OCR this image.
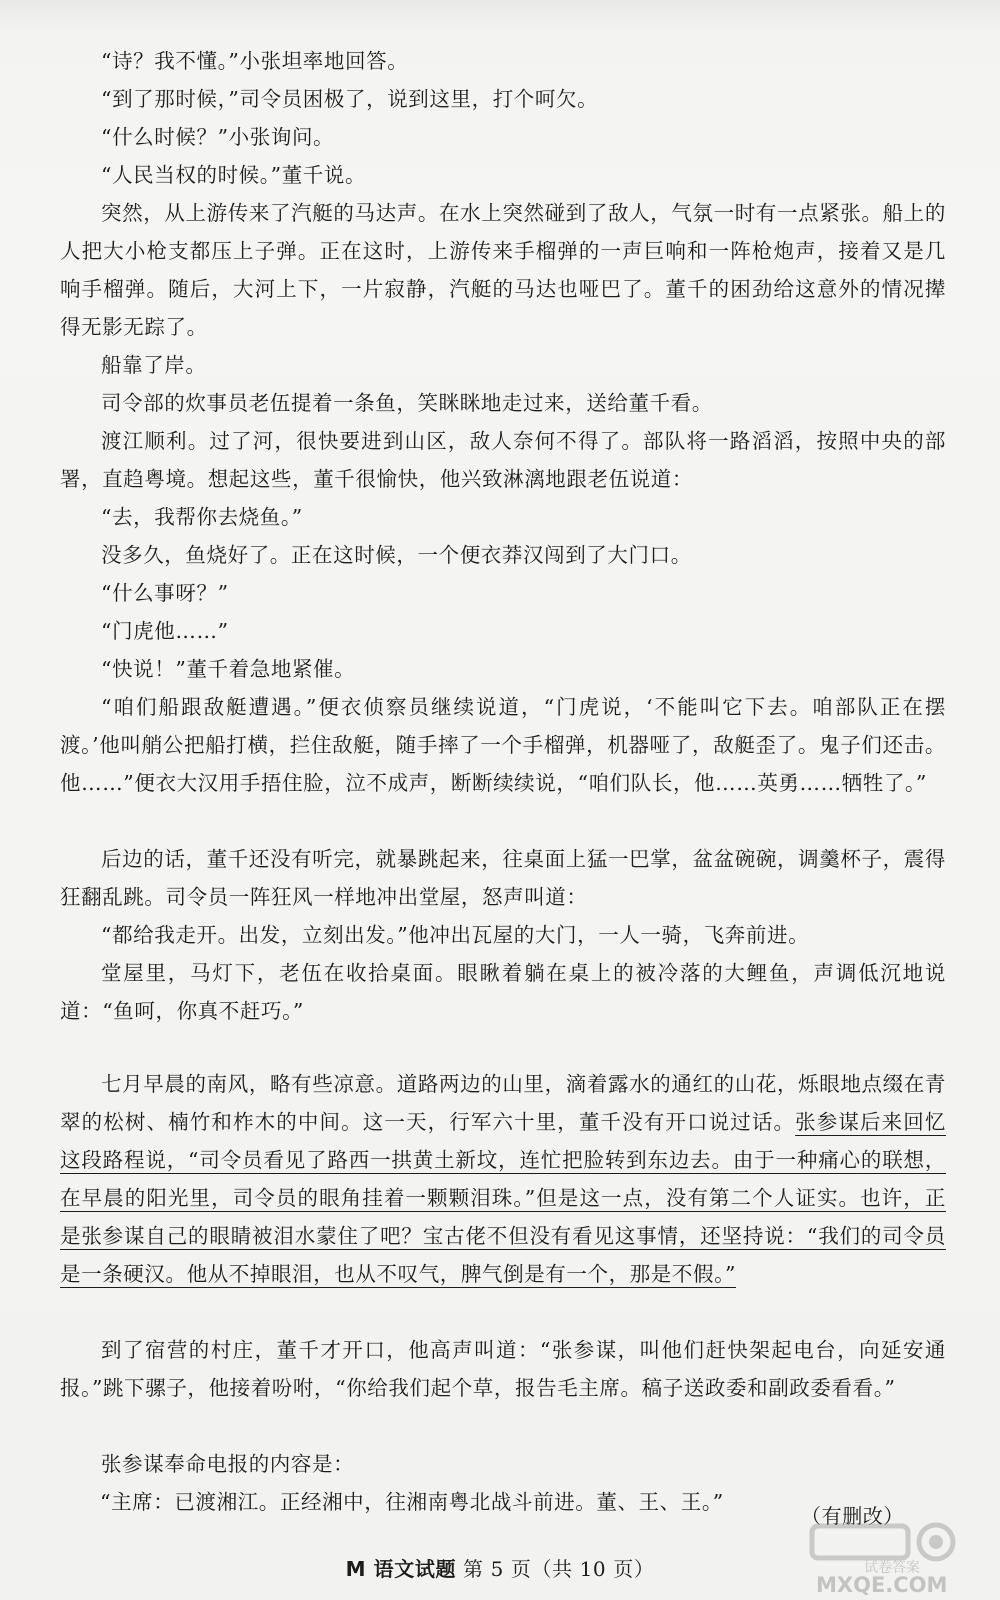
“诗？我不懂。”小张坦率地回答。

“到了那时候，”司令员困极了，说到这里，打个呵欠。

“什么时候？”小张询问。

“人民当权的时候。”董千说。

突然，从上游传来了汽艇的马达声。在水上突然碰到了敌人，气氛一时有一点紧张。船上的人把大小枪支都压上子弹。正在这时，上游传来手榴弹的一声巨响和一阵枪炮声，接着又是几响手榴弹。随后，大河上下，一片寂静，汽艇的马达也哑巴了。董千的困劲给这意外的情况撵得无影无踪了。

船靠了岸。

司令部的炊事员老伍提着一条鱼，笑眯眯地走过来，送给董千看。

渡江顺利。过了河，很快要进到山区，敌人奈何不得了。部队将一路滔滔，按照中央的部署，直趋粤境。想起这些，董千很愉快，他兴致淋漓地跟老伍说道：

“去，我帮你去烧鱼。”

没多久，鱼烧好了。正在这时候，一个便衣莽汉闯到了大门口。

“什么事呀？”

“门虎他……”

“快说！”董千着急地紧催。

“咱们船跟敌艇遭遇。”便衣侦察员继续说道，“门虎说，‘不能叫它下去。咱部队正在摆渡。’他叫艄公把船打横，拦住敌艇，随手摔了一个手榴弹，机器哑了，敌艇歪了。鬼子们还击。他……”便衣大汉用手捂住脸，泣不成声，断断续续说，“咱们队长，他……英勇……牺牲了。”

后边的话，董千还没有听完，就暴跳起来，往桌面上猛一巴掌，盆盆碗碗，调羹杯子，震得狂翻乱跳。司令员一阵狂风一样地冲出堂屋，怒声叫道：

“都给我走开。出发，立刻出发。”他冲出瓦屋的大门，一人一骑，飞奔前进。

堂屋里，马灯下，老伍在收拾桌面。眼瞅着躺在桌上的被冷落的大鲤鱼，声调低沉地说道：“鱼呵，你真不赶巧。”

七月早晨的南风，略有些凉意。道路两边的山里，滴着露水的通红的山花，烁眼地点缀在青翠的松树、楠竹和柞木的中间。这一天，行军六十里，董千没有开口说过话。张参谋后来回忆这段路程说，“司令员看见了路西一拱黄土新坟，连忙把脸转到东边去。由于一种痛心的联想，在早晨的阳光里，司令员的眼角挂着一颗颗泪珠。”但是这一点，没有第二个人证实。也许，正是张参谋自己的眼睛被泪水蒙住了吧？宝古佬不但没有看见这事情，还坚持说：“我们的司令员是一条硬汉。他从不掉眼泪，也从不叹气，脾气倒是有一个，那是不假。”

到了宿营的村庄，董千才开口，他高声叫道：“张参谋，叫他们赶快架起电台，向延安通报。”跳下骡子，他接着吩咐，“你给我们起个草，报告毛主席。稿子送政委和副政委看看。”

张参谋奉命电报的内容是：

“主席：已渡湘江。正经湘中，往湘南粤北战斗前进。董、王、王。”

（有删改）
M 语文试题 第 5 页（共 10 页）	试卷答案
MXQE.COM
